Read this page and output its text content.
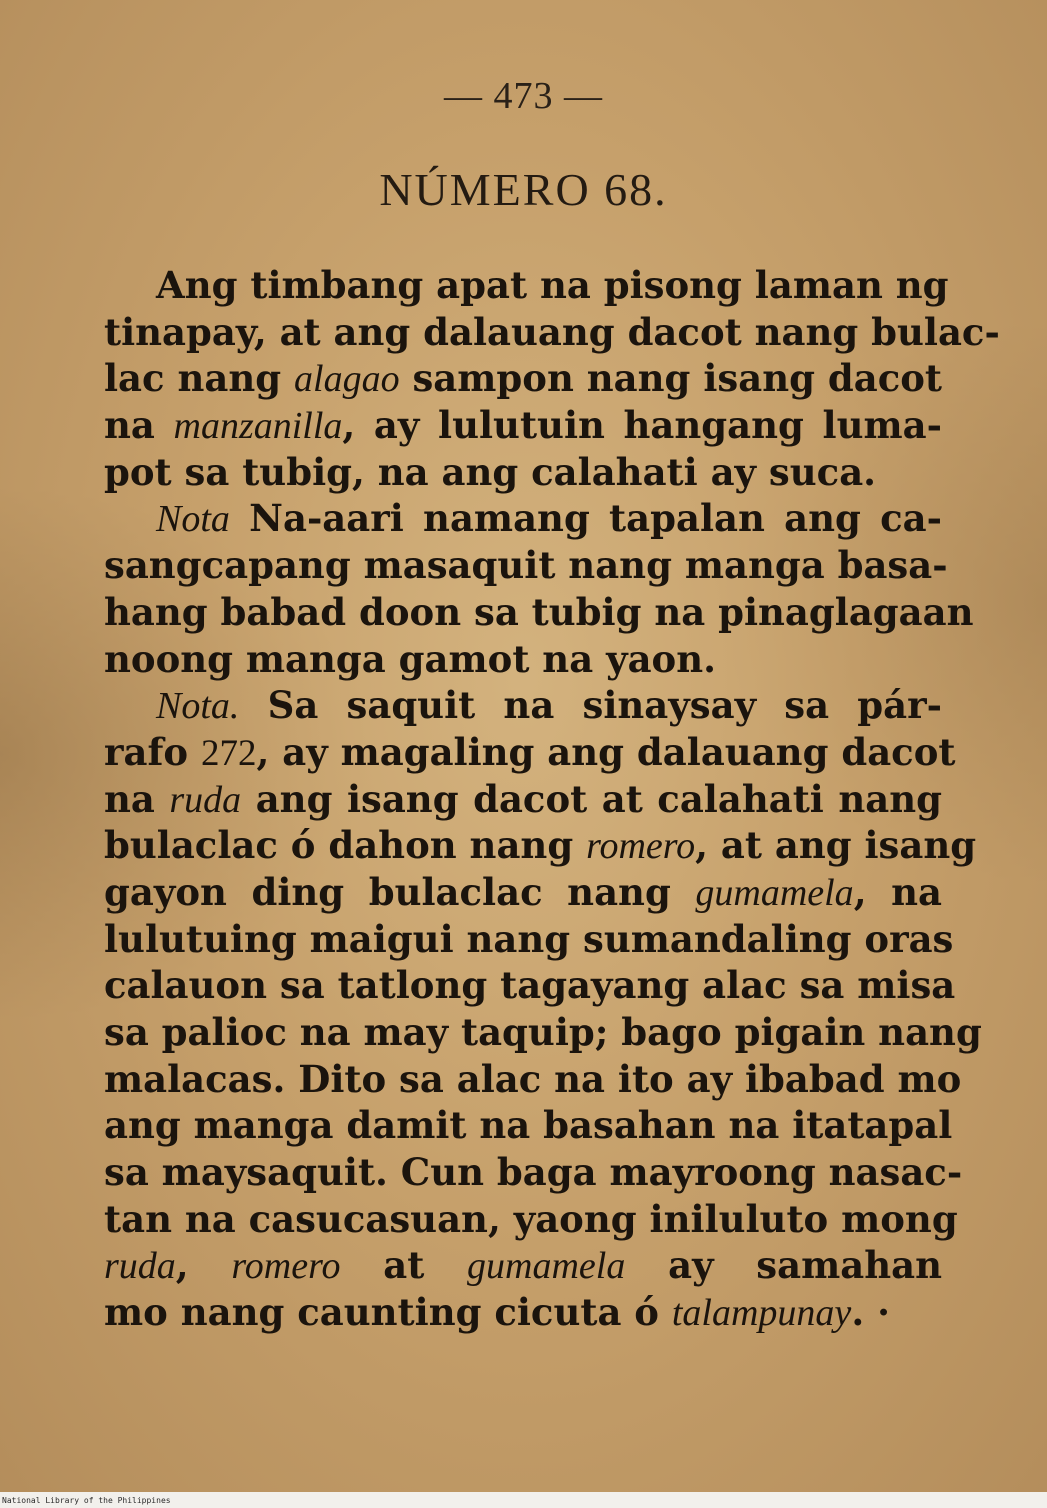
— 473 —
NÚMERO 68.
Ang timbang apat na pisong laman ng
tinapay, at ang dalauang dacot nang bulac-
lac nang alagao sampon nang isang dacot
na manzanilla, ay lulutuin hangang luma-
pot sa tubig, na ang calahati ay suca.
Nota Na-aari namang tapalan ang ca-
sangcapang masaquit nang manga basa-
hang babad doon sa tubig na pinaglagaan
noong manga gamot na yaon.
Nota. Sa saquit na sinaysay sa pár-
rafo 272, ay magaling ang dalauang dacot
na ruda ang isang dacot at calahati nang
bulaclac ó dahon nang romero, at ang isang
gayon ding bulaclac nang gumamela, na
lulutuing maigui nang sumandaling oras
calauon sa tatlong tagayang alac sa misa
sa palioc na may taquip; bago pigain nang
malacas. Dito sa alac na ito ay ibabad mo
ang manga damit na basahan na itatapal
sa maysaquit. Cun baga mayroong nasac-
tan na casucasuan, yaong iniluluto mong
ruda, romero at gumamela ay samahan
mo nang caunting cicuta ó talampunay. ·
National Library of the Philippines
